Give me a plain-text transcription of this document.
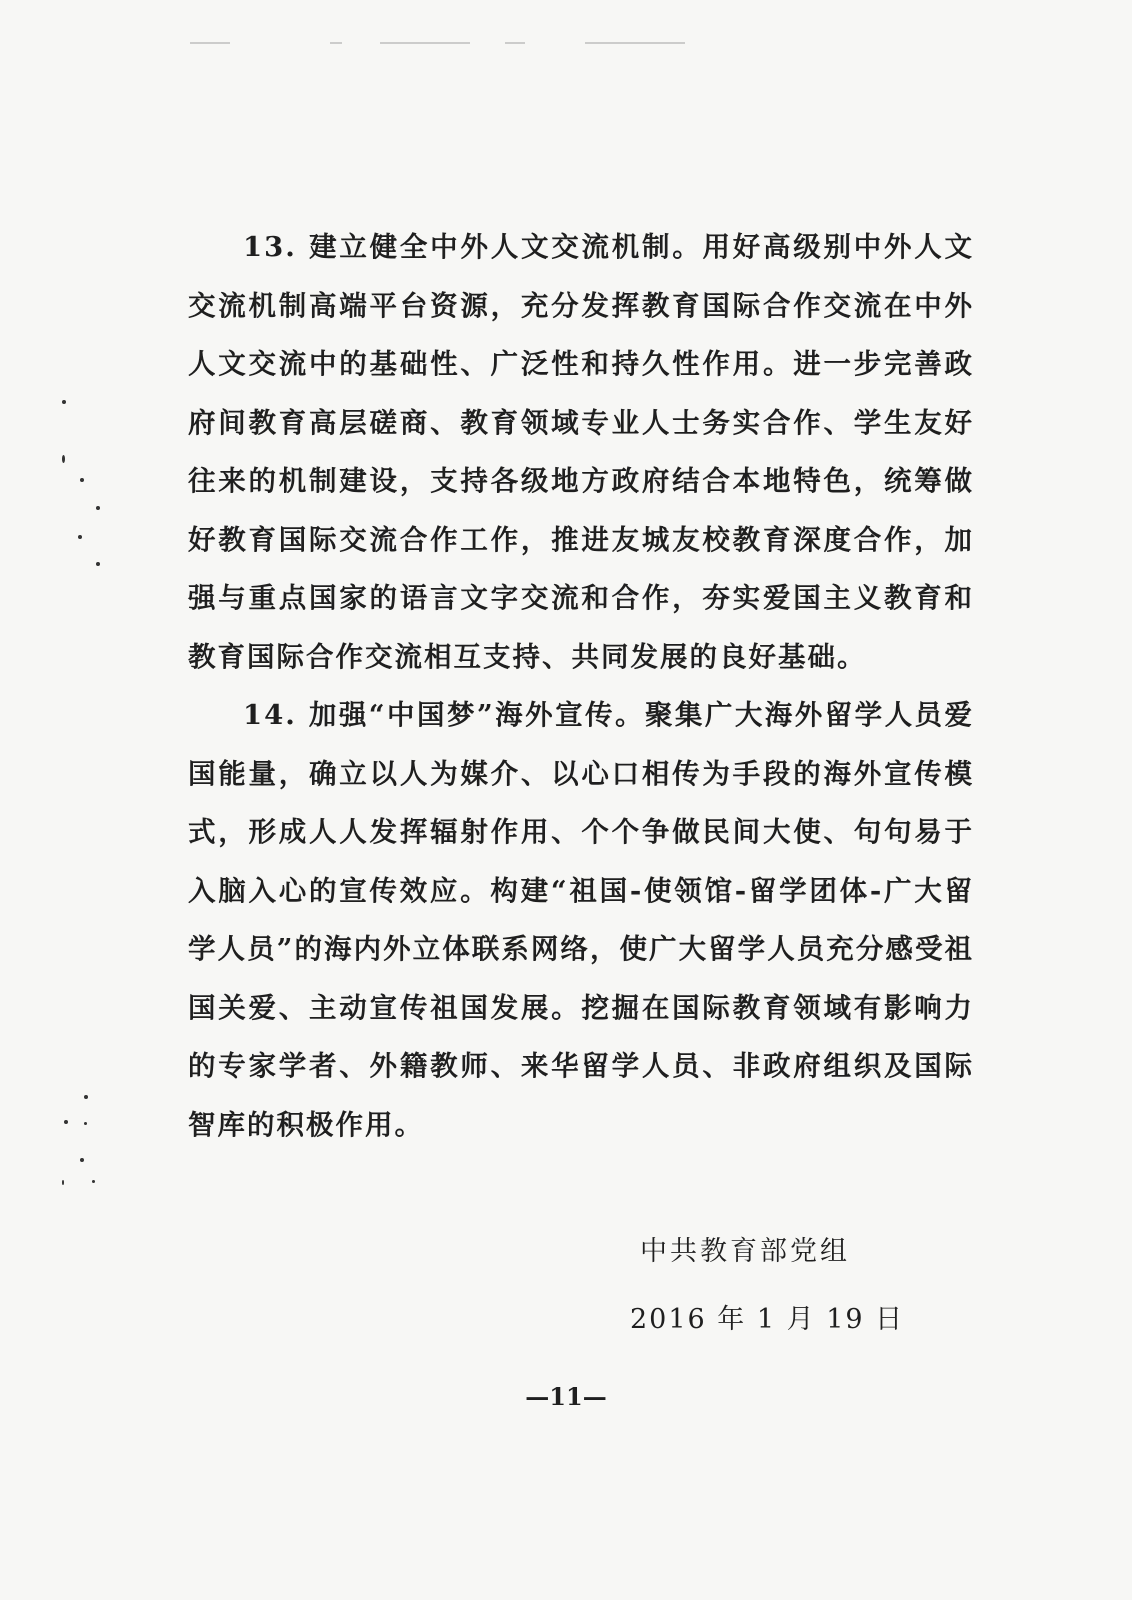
13. 建立健全中外人文交流机制。用好高级别中外人文交流机制高端平台资源，充分发挥教育国际合作交流在中外人文交流中的基础性、广泛性和持久性作用。进一步完善政府间教育高层磋商、教育领域专业人士务实合作、学生友好往来的机制建设，支持各级地方政府结合本地特色，统筹做好教育国际交流合作工作，推进友城友校教育深度合作，加强与重点国家的语言文字交流和合作，夯实爱国主义教育和教育国际合作交流相互支持、共同发展的良好基础。

14. 加强“中国梦”海外宣传。聚集广大海外留学人员爱国能量，确立以人为媒介、以心口相传为手段的海外宣传模式，形成人人发挥辐射作用、个个争做民间大使、句句易于入脑入心的宣传效应。构建“祖国-使领馆-留学团体-广大留学人员”的海内外立体联系网络，使广大留学人员充分感受祖国关爱、主动宣传祖国发展。挖掘在国际教育领域有影响力的专家学者、外籍教师、来华留学人员、非政府组织及国际智库的积极作用。

中共教育部党组
2016 年 1 月 19 日
—11—
